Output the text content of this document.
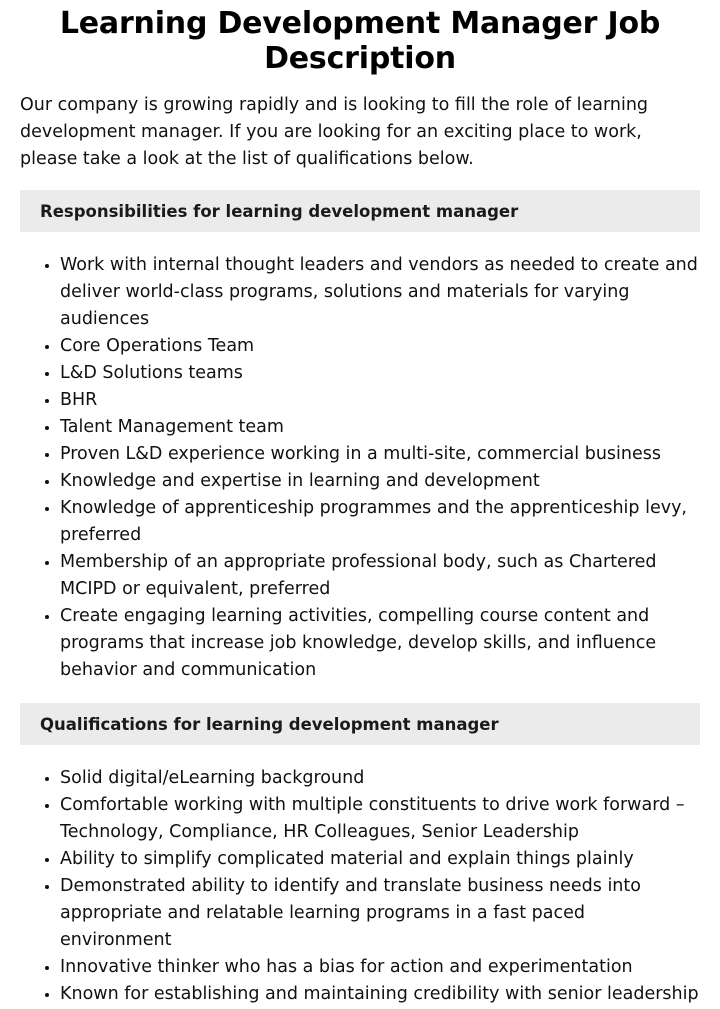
Learning Development Manager Job Description

Our company is growing rapidly and is looking to fill the role of learning development manager. If you are looking for an exciting place to work, please take a look at the list of qualifications below.

Responsibilities for learning development manager
• Work with internal thought leaders and vendors as needed to create and deliver world-class programs, solutions and materials for varying audiences
• Core Operations Team
• L&D Solutions teams
• BHR
• Talent Management team
• Proven L&D experience working in a multi-site, commercial business
• Knowledge and expertise in learning and development
• Knowledge of apprenticeship programmes and the apprenticeship levy, preferred
• Membership of an appropriate professional body, such as Chartered MCIPD or equivalent, preferred
• Create engaging learning activities, compelling course content and programs that increase job knowledge, develop skills, and influence behavior and communication
Qualifications for learning development manager
• Solid digital/eLearning background
• Comfortable working with multiple constituents to drive work forward – Technology, Compliance, HR Colleagues, Senior Leadership
• Ability to simplify complicated material and explain things plainly
• Demonstrated ability to identify and translate business needs into appropriate and relatable learning programs in a fast paced environment
• Innovative thinker who has a bias for action and experimentation
• Known for establishing and maintaining credibility with senior leadership
